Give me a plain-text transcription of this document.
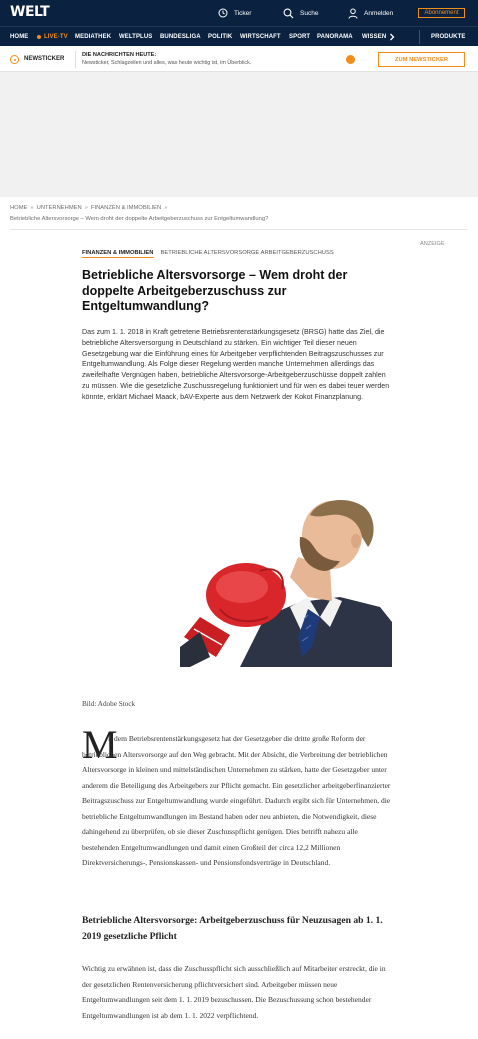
WELT	Ticker	Suche	Anmelden	Abonnement
HOME	LIVE-TV MEDIATHEK WELTPLUS BUNDESLIGA POLITIK WIRTSCHAFT SPORT PANORAMA WISSEN	PRODUKTE
NEWSTICKER
DIE NACHRICHTEN HEUTE:
Newsticker, Schlagzeilen und alles, was heute wichtig ist, im Überblick.
ZUM NEWSTICKER
HOME » UNTERNEHMEN » FINANZEN & IMMOBILIEN »
Betriebliche Altersvorsorge – Wem droht der doppelte Arbeitgeberzuschuss zur Entgeltumwandlung?
ANZEIGE
FINANZEN & IMMOBILIEN BETRIEBLICHE ALTERSVORSORGE ARBEITGEBERZUSCHUSS
Betriebliche Altersvorsorge – Wem droht der doppelte Arbeitgeberzuschuss zur Entgeltumwandlung?

Das zum 1. 1. 2018 in Kraft getretene Betriebsrentenstärkungsgesetz (BRSG) hatte das Ziel, die betriebliche Altersversorgung in Deutschland zu stärken. Ein wichtiger Teil dieser neuen Gesetzgebung war die Einführung eines für Arbeitgeber verpflichtenden Beitragszuschusses zur Entgeltumwandlung. Als Folge dieser Regelung werden manche Unternehmen allerdings das zweifelhafte Vergnügen haben, betriebliche Altersvorsorge-Arbeitgeberzuschüsse doppelt zahlen zu müssen. Wie die gesetzliche Zuschussregelung funktioniert und für wen es dabei teuer werden könnte, erklärt Michael Maack, bAV-Experte aus dem Netzwerk der Kokot Finanzplanung.

Bild: Adobe Stock
M

it dem Betriebsrentenstärkungsgesetz hat der Gesetzgeber die dritte große Reform der betrieblichen Altersvorsorge auf den Weg gebracht. Mit der Absicht, die Verbreitung der betrieblichen Altersvorsorge in kleinen und mittelständischen Unternehmen zu stärken, hatte der Gesetzgeber unter anderem die Beteiligung des Arbeitgebers zur Pflicht gemacht. Ein gesetzlicher arbeitgeberfinanzierter Beitragszuschuss zur Entgeltumwandlung wurde eingeführt. Dadurch ergibt sich für Unternehmen, die betriebliche Entgeltumwandlungen im Bestand haben oder neu anbieten, die Notwendigkeit, diese dahingehend zu überprüfen, ob sie dieser Zuschusspflicht genügen. Dies betrifft nahezu alle bestehenden Entgeltumwandlungen und damit einen Großteil der circa 12,2 Millionen Direktversicherungs-, Pensionskassen- und Pensionsfondsverträge in Deutschland.

Betriebliche Altersvorsorge: Arbeitgeberzuschuss für Neuzusagen ab 1. 1. 2019 gesetzliche Pflicht

Wichtig zu erwähnen ist, dass die Zuschusspflicht sich ausschließlich auf Mitarbeiter erstreckt, die in der gesetzlichen Rentenversicherung pflichtversichert sind. Arbeitgeber müssen neue Entgeltumwandlungen seit dem 1. 1. 2019 bezuschussen. Die Bezuschussung schon bestehender Entgeltumwandlungen ist ab dem 1. 1. 2022 verpflichtend.
